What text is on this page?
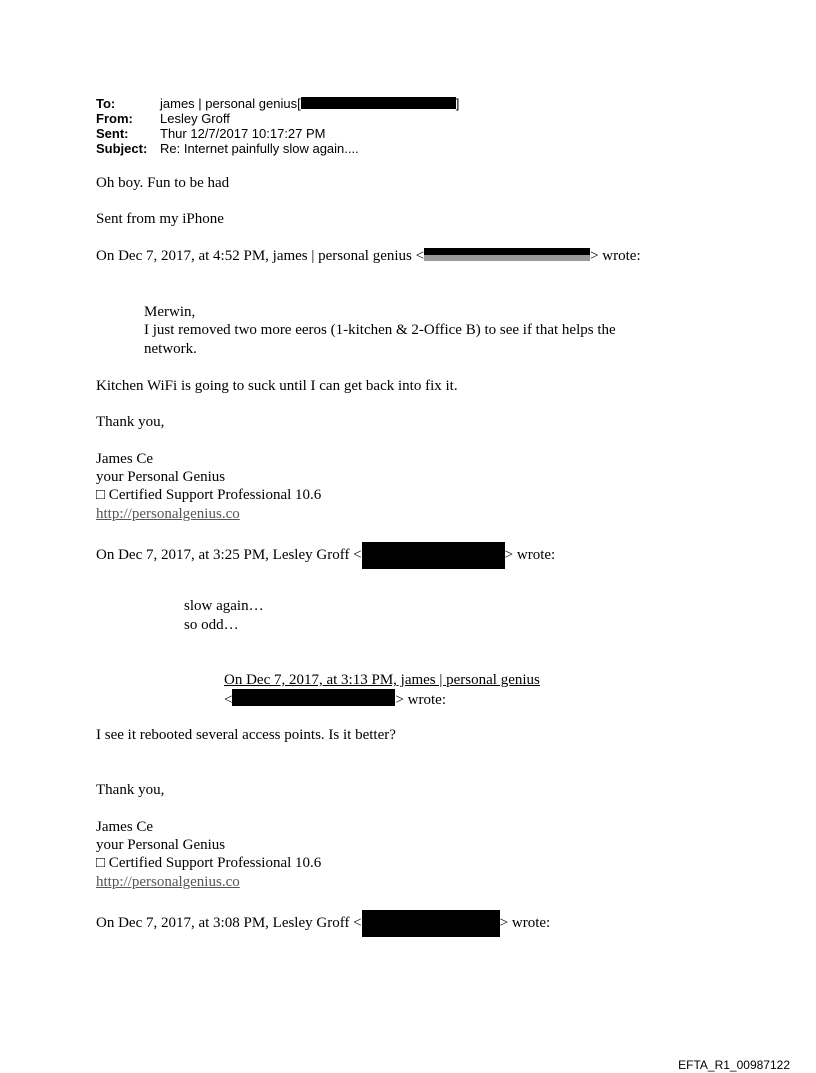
To:	james | personal genius[	]
From: Lesley Groff
Sent: Thur 12/7/2017 10:17:27 PM
Subject: Re: Internet painfully slow again....
Oh boy. Fun to be had
Sent from my iPhone
On Dec 7, 2017, at 4:52 PM, james | personal genius <	> wrote:
Merwin,
I just removed two more eeros (1-kitchen & 2-Office B) to see if that helps the
network.
Kitchen WiFi is going to suck until I can get back into fix it.
Thank you,
James Ce
your Personal Genius
□ Certified Support Professional 10.6
http://personalgenius.co
On Dec 7, 2017, at 3:25 PM, Lesley Groff <	> wrote:
slow again…
so odd…
On Dec 7, 2017, at 3:13 PM, james | personal genius
<	> wrote:
I see it rebooted several access points. Is it better?
Thank you,
James Ce
your Personal Genius
□ Certified Support Professional 10.6
http://personalgenius.co
On Dec 7, 2017, at 3:08 PM, Lesley Groff <	> wrote:
EFTA_R1_00987122
